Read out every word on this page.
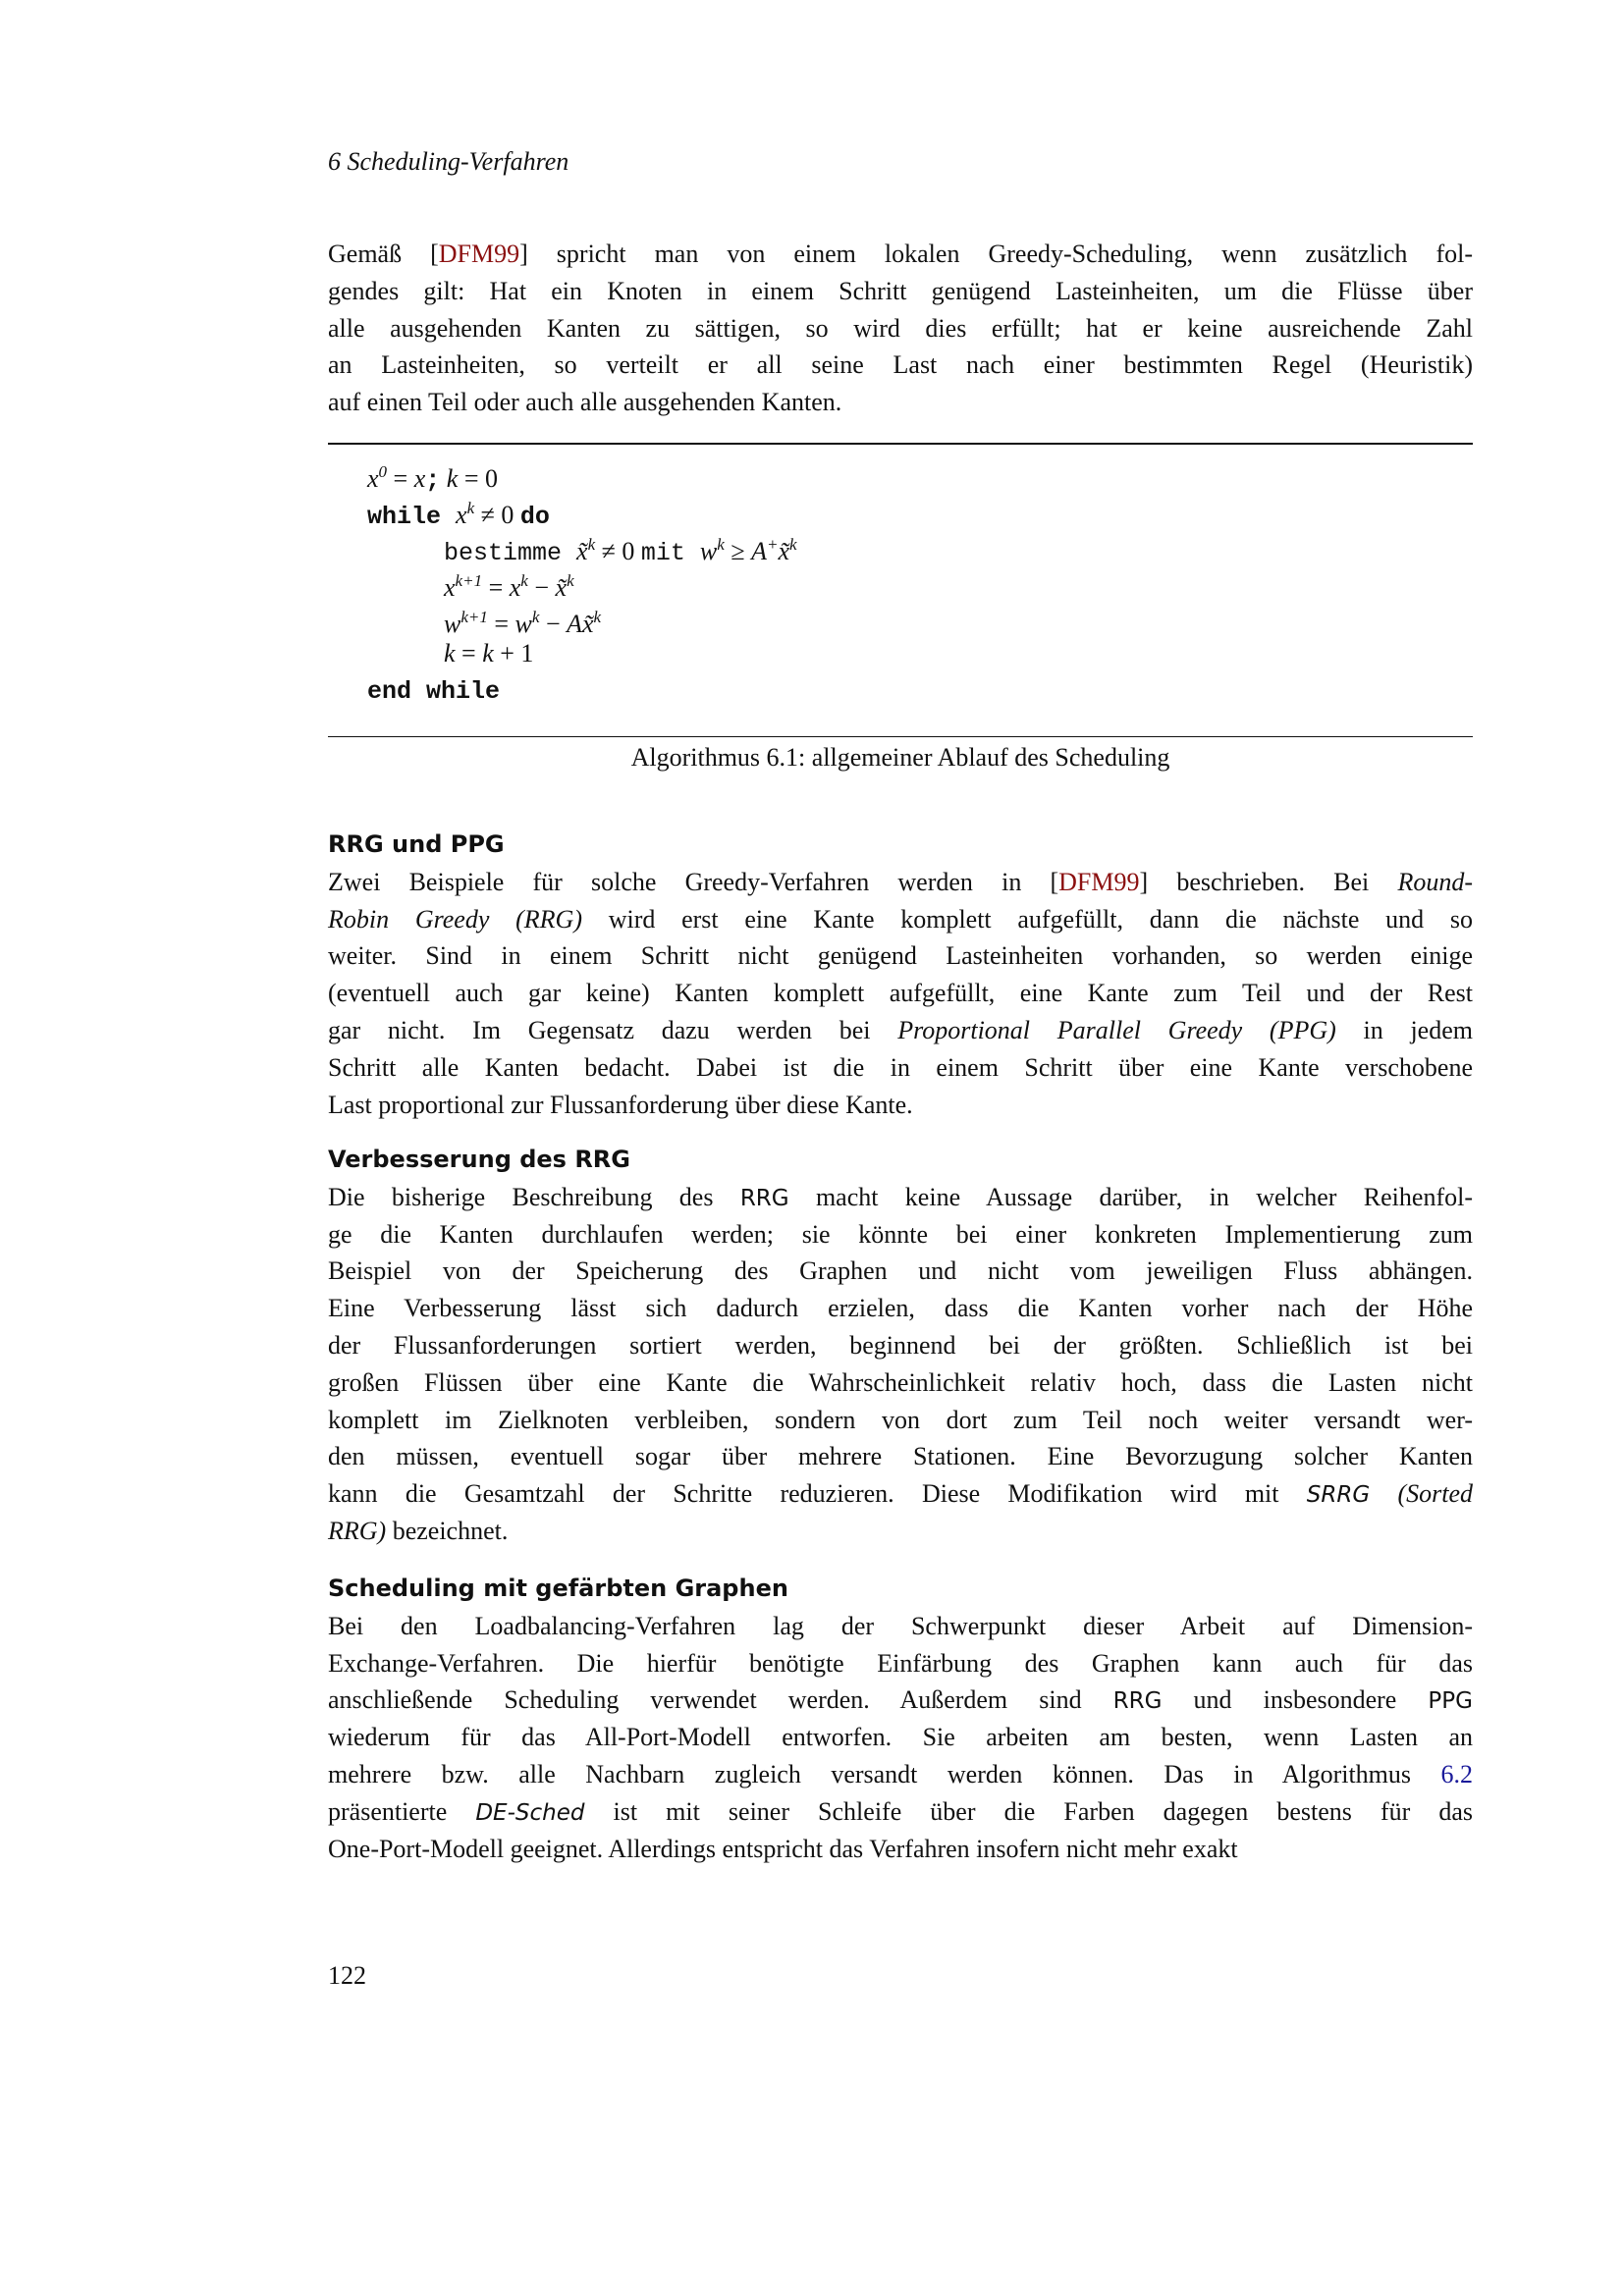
6 Scheduling-Verfahren
Gemäß [DFM99] spricht man von einem lokalen Greedy-Scheduling, wenn zusätzlich fol-
gendes gilt: Hat ein Knoten in einem Schritt genügend Lasteinheiten, um die Flüsse über
alle ausgehenden Kanten zu sättigen, so wird dies erfüllt; hat er keine ausreichende Zahl
an Lasteinheiten, so verteilt er all seine Last nach einer bestimmten Regel (Heuristik)
auf einen Teil oder auch alle ausgehenden Kanten.
$x^0 = x$; k = 0
while $x^k \ne 0$ do
bestimme x̃$^k$ ≠ 0 mit $w^k$ ≥ A+x̃$^k$
$x^{k+1} = x^k$ − x̃$^k$
$w^{k+1} = w^k$ − Ax̃$^k$
k = k + 1
end while
Algorithmus 6.1: allgemeiner Ablauf des Scheduling
RRG und PPG
Zwei Beispiele für solche Greedy-Verfahren werden in [DFM99] beschrieben. Bei Round-
Robin Greedy (RRG) wird erst eine Kante komplett aufgefüllt, dann die nächste und so
weiter. Sind in einem Schritt nicht genügend Lasteinheiten vorhanden, so werden einige
(eventuell auch gar keine) Kanten komplett aufgefüllt, eine Kante zum Teil und der Rest
gar nicht. Im Gegensatz dazu werden bei Proportional Parallel Greedy (PPG) in jedem
Schritt alle Kanten bedacht. Dabei ist die in einem Schritt über eine Kante verschobene
Last proportional zur Flussanforderung über diese Kante.
Verbesserung des RRG
Die bisherige Beschreibung des RRG macht keine Aussage darüber, in welcher Reihenfol-
ge die Kanten durchlaufen werden; sie könnte bei einer konkreten Implementierung zum
Beispiel von der Speicherung des Graphen und nicht vom jeweiligen Fluss abhängen.
Eine Verbesserung lässt sich dadurch erzielen, dass die Kanten vorher nach der Höhe
der Flussanforderungen sortiert werden, beginnend bei der größten. Schließlich ist bei
großen Flüssen über eine Kante die Wahrscheinlichkeit relativ hoch, dass die Lasten nicht
komplett im Zielknoten verbleiben, sondern von dort zum Teil noch weiter versandt wer-
den müssen, eventuell sogar über mehrere Stationen. Eine Bevorzugung solcher Kanten
kann die Gesamtzahl der Schritte reduzieren. Diese Modifikation wird mit SRRG (Sorted
RRG) bezeichnet.
Scheduling mit gefärbten Graphen
Bei den Loadbalancing-Verfahren lag der Schwerpunkt dieser Arbeit auf Dimension-
Exchange-Verfahren. Die hierfür benötigte Einfärbung des Graphen kann auch für das
anschließende Scheduling verwendet werden. Außerdem sind RRG und insbesondere PPG
wiederum für das All-Port-Modell entworfen. Sie arbeiten am besten, wenn Lasten an
mehrere bzw. alle Nachbarn zugleich versandt werden können. Das in Algorithmus 6.2
präsentierte DE-Sched ist mit seiner Schleife über die Farben dagegen bestens für das
One-Port-Modell geeignet. Allerdings entspricht das Verfahren insofern nicht mehr exakt
122
